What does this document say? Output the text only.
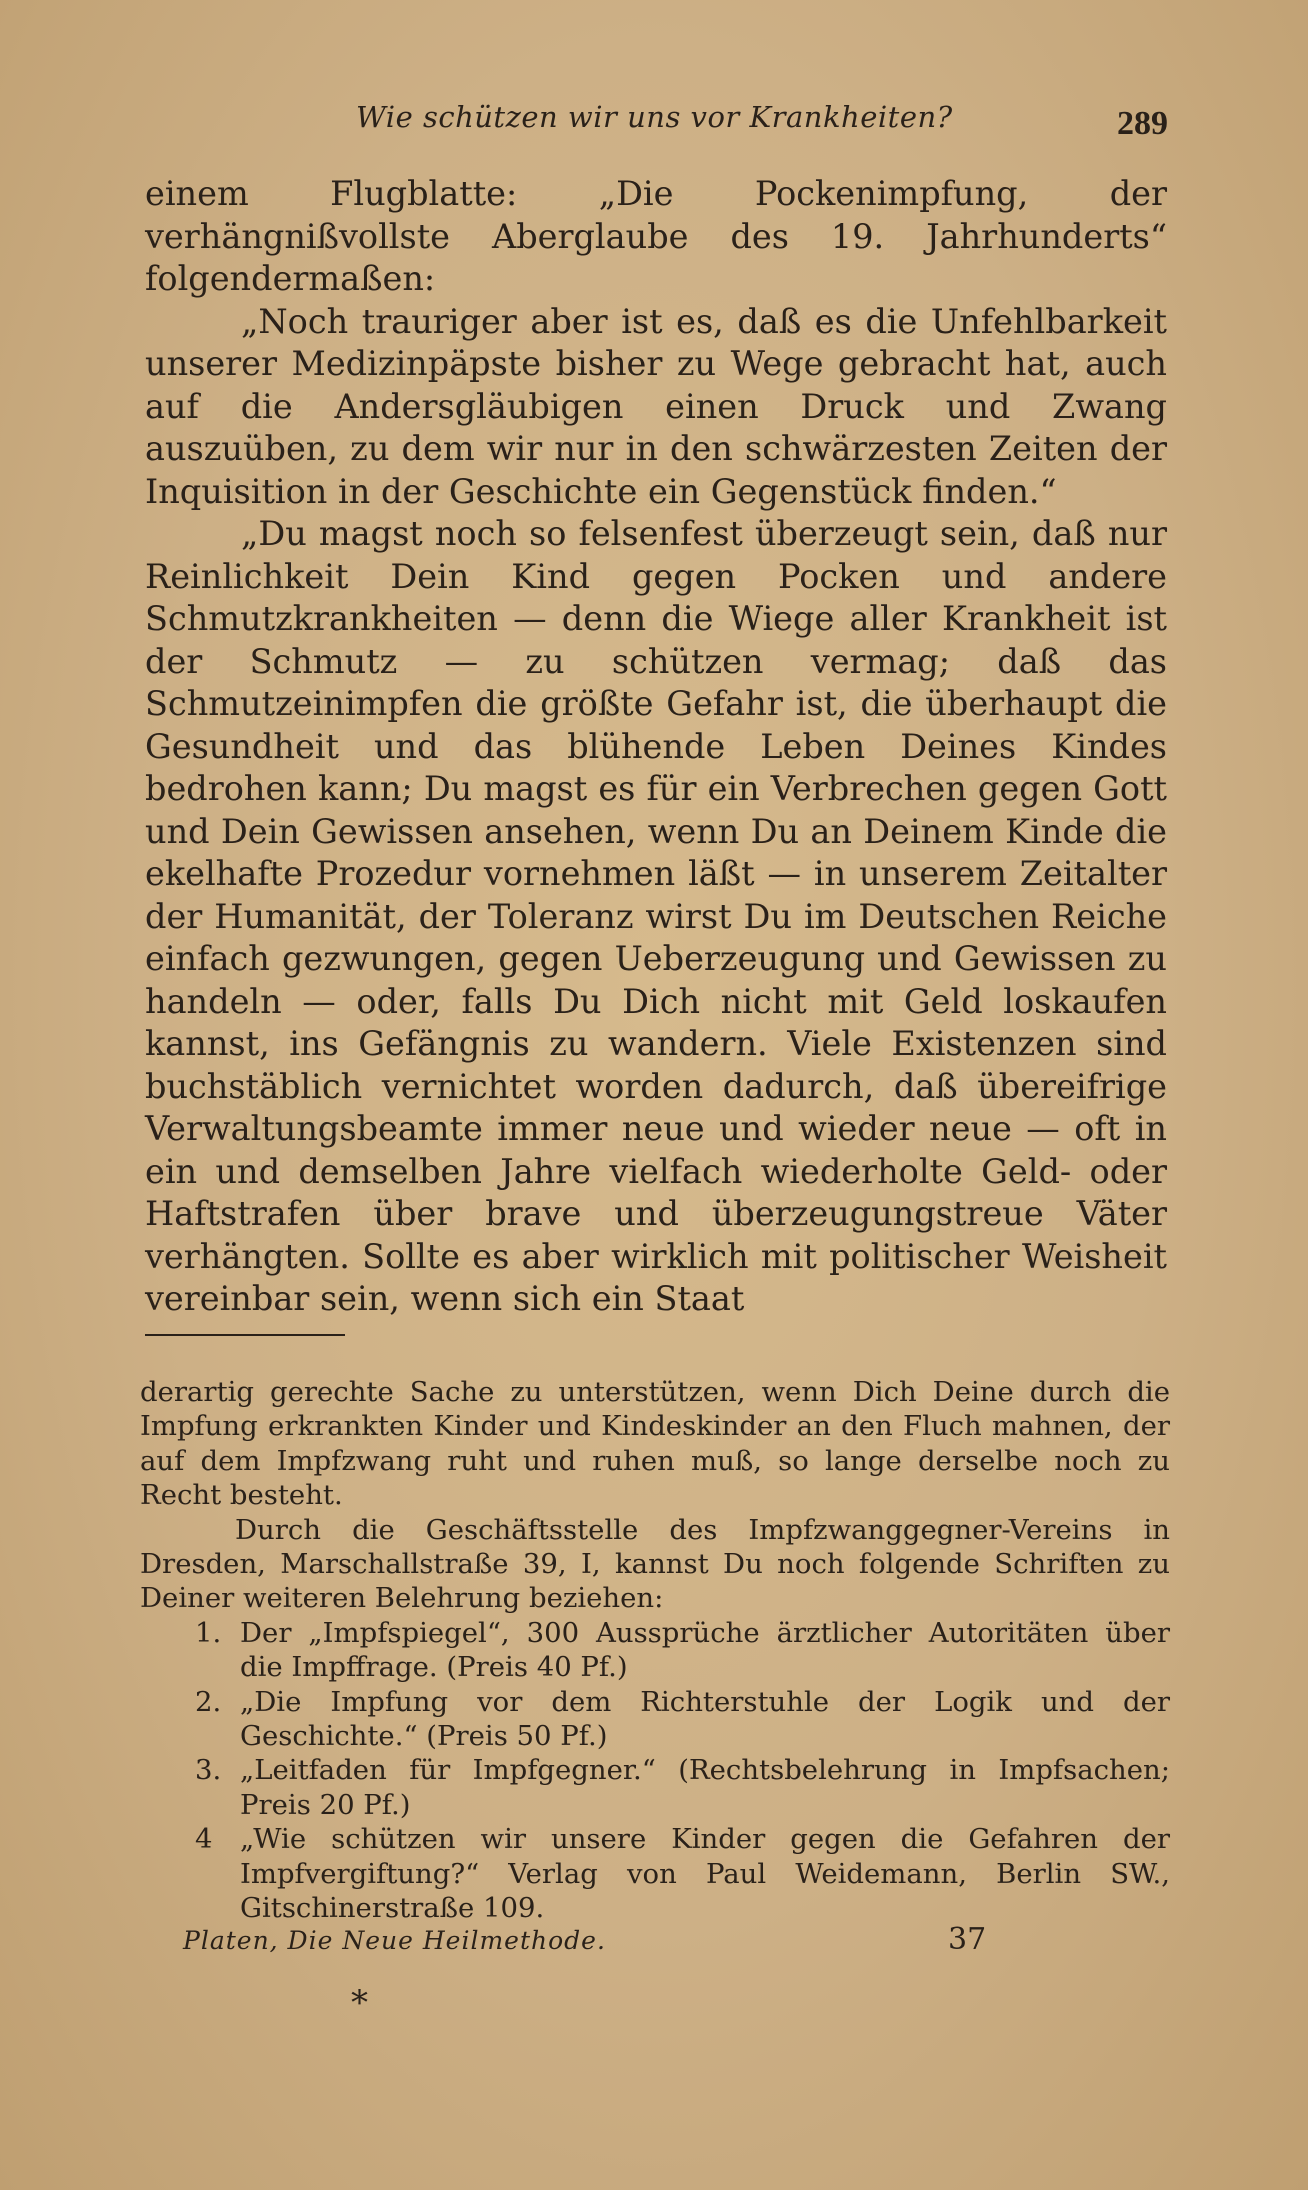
Wie schützen wir uns vor Krankheiten?	289

einem Flugblatte: „Die Pockenimpfung, der verhängnißvollste Aberglaube des 19. Jahrhunderts“ folgendermaßen:

„Noch trauriger aber ist es, daß es die Unfehlbarkeit unserer Medizinpäpste bisher zu Wege gebracht hat, auch auf die Andersgläubigen einen Druck und Zwang auszuüben, zu dem wir nur in den schwärzesten Zeiten der Inquisition in der Geschichte ein Gegenstück finden.“

„Du magst noch so felsenfest überzeugt sein, daß nur Reinlichkeit Dein Kind gegen Pocken und andere Schmutzkrankheiten — denn die Wiege aller Krankheit ist der Schmutz — zu schützen vermag; daß das Schmutzeinimpfen die größte Gefahr ist, die überhaupt die Gesundheit und das blühende Leben Deines Kindes bedrohen kann; Du magst es für ein Verbrechen gegen Gott und Dein Gewissen ansehen, wenn Du an Deinem Kinde die ekelhafte Prozedur vornehmen läßt — in unserem Zeitalter der Humanität, der Toleranz wirst Du im Deutschen Reiche einfach gezwungen, gegen Ueberzeugung und Gewissen zu handeln — oder, falls Du Dich nicht mit Geld loskaufen kannst, ins Gefängnis zu wandern. Viele Existenzen sind buchstäblich vernichtet worden dadurch, daß übereifrige Verwaltungsbeamte immer neue und wieder neue — oft in ein und demselben Jahre vielfach wiederholte Geld- oder Haftstrafen über brave und überzeugungstreue Väter verhängten. Sollte es aber wirklich mit politischer Weisheit vereinbar sein, wenn sich ein Staat

derartig gerechte Sache zu unterstützen, wenn Dich Deine durch die Impfung erkrankten Kinder und Kindeskinder an den Fluch mahnen, der auf dem Impfzwang ruht und ruhen muß, so lange derselbe noch zu Recht besteht.

Durch die Geschäftsstelle des Impfzwanggegner-Vereins in Dresden, Marschallstraße 39, I, kannst Du noch folgende Schriften zu Deiner weiteren Belehrung beziehen:

1. Der „Impfspiegel“, 300 Aussprüche ärztlicher Autoritäten über die Impffrage. (Preis 40 Pf.)
2. „Die Impfung vor dem Richterstuhle der Logik und der Geschichte.“ (Preis 50 Pf.)
3. „Leitfaden für Impfgegner.“ (Rechtsbelehrung in Impfsachen; Preis 20 Pf.)
4 „Wie schützen wir unsere Kinder gegen die Gefahren der Impfvergiftung?“ Verlag von Paul Weidemann, Berlin SW., Gitschinerstraße 109.
Platen, Die Neue Heilmethode.	37
*
